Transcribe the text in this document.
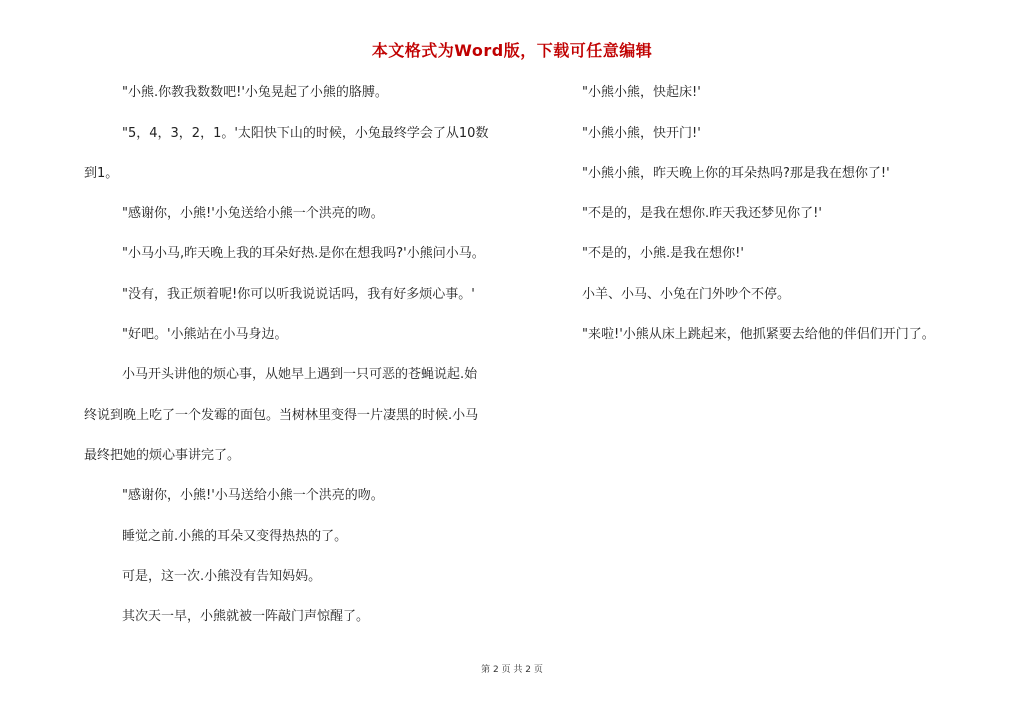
本文格式为Word版，下载可任意编辑
"小熊.你教我数数吧!'小兔晃起了小熊的胳膊。
"5，4，3，2，1。'太阳快下山的时候，小兔最终学会了从10数
到1。
"感谢你，小熊!'小兔送给小熊一个洪亮的吻。
"小马小马,昨天晚上我的耳朵好热.是你在想我吗?'小熊问小马。
"没有，我正烦着呢!你可以听我说说话吗，我有好多烦心事。'
"好吧。'小熊站在小马身边。
小马开头讲他的烦心事，从她早上遇到一只可恶的苍蝇说起.始
终说到晚上吃了一个发霉的面包。当树林里变得一片凄黑的时候.小马
最终把她的烦心事讲完了。
"感谢你，小熊!'小马送给小熊一个洪亮的吻。
睡觉之前.小熊的耳朵又变得热热的了。
可是，这一次.小熊没有告知妈妈。
其次天一早，小熊就被一阵敲门声惊醒了。
"小熊小熊，快起床!'
"小熊小熊，快开门!'
"小熊小熊，昨天晚上你的耳朵热吗?那是我在想你了!'
"不是的，是我在想你.昨天我还梦见你了!'
"不是的，小熊.是我在想你!'
小羊、小马、小兔在门外吵个不停。
"来啦!'小熊从床上跳起来，他抓紧要去给他的伴侣们开门了。
第 2 页 共 2 页
